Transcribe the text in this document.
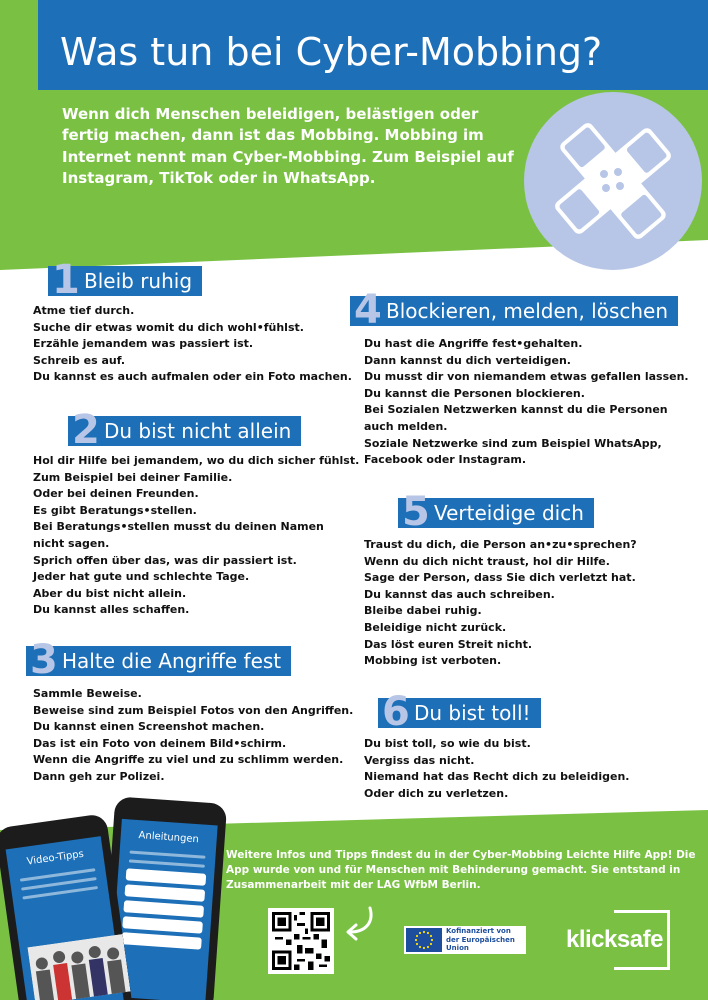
Was tun bei Cyber-Mobbing?

Wenn dich Menschen beleidigen, belästigen oder fertig machen, dann ist das Mobbing. Mobbing im Internet nennt man Cyber-Mobbing. Zum Beispiel auf Instagram, TikTok oder in WhatsApp.

1 Bleib ruhig
Atme tief durch.
Suche dir etwas womit du dich wohl•fühlst.
Erzähle jemandem was passiert ist.
Schreib es auf.
Du kannst es auch aufmalen oder ein Foto machen.
2 Du bist nicht allein
Hol dir Hilfe bei jemandem, wo du dich sicher fühlst.
Zum Beispiel bei deiner Familie.
Oder bei deinen Freunden.
Es gibt Beratungs•stellen.
Bei Beratungs•stellen musst du deinen Namen
nicht sagen.
Sprich offen über das, was dir passiert ist.
Jeder hat gute und schlechte Tage.
Aber du bist nicht allein.
Du kannst alles schaffen.
3 Halte die Angriffe fest
Sammle Beweise.
Beweise sind zum Beispiel Fotos von den Angriffen.
Du kannst einen Screenshot machen.
Das ist ein Foto von deinem Bild•schirm.
Wenn die Angriffe zu viel und zu schlimm werden.
Dann geh zur Polizei.
4 Blockieren, melden, löschen
Du hast die Angriffe fest•gehalten.
Dann kannst du dich verteidigen.
Du musst dir von niemandem etwas gefallen lassen.
Du kannst die Personen blockieren.
Bei Sozialen Netzwerken kannst du die Personen
auch melden.
Soziale Netzwerke sind zum Beispiel WhatsApp,
Facebook oder Instagram.
5 Verteidige dich
Traust du dich, die Person an•zu•sprechen?
Wenn du dich nicht traust, hol dir Hilfe.
Sage der Person, dass Sie dich verletzt hat.
Du kannst das auch schreiben.
Bleibe dabei ruhig.
Beleidige nicht zurück.
Das löst euren Streit nicht.
Mobbing ist verboten.
6 Du bist toll!
Du bist toll, so wie du bist.
Vergiss das nicht.
Niemand hat das Recht dich zu beleidigen.
Oder dich zu verletzen.
Anleitungen
Video-Tipps	Weitere Infos und Tipps findest du in der Cyber-Mobbing Leichte Hilfe App! Die App wurde von und für Menschen mit Behinderung gemacht. Sie entstand in Zusammenarbeit mit der LAG WfbM Berlin.

Kofinanziert von der Europäischen Union	klicksafe
